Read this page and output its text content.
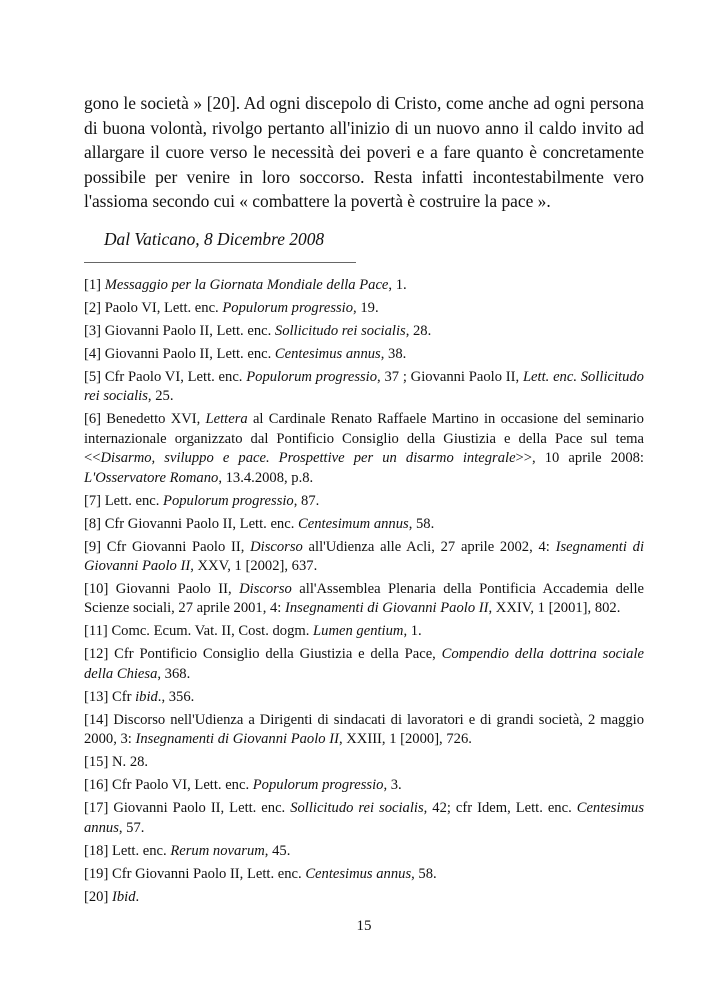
gono le società » [20]. Ad ogni discepolo di Cristo, come anche ad ogni persona di buona volontà, rivolgo pertanto all'inizio di un nuovo anno il caldo invito ad allargare il cuore verso le necessità dei poveri e a fare quanto è concretamente possibile per venire in loro soccorso. Resta infatti incontestabilmente vero l'assioma secondo cui « combattere la povertà è costruire la pace ».

Dal Vaticano, 8 Dicembre 2008

[1] Messaggio per la Giornata Mondiale della Pace, 1.
[2] Paolo VI, Lett. enc. Populorum progressio, 19.
[3] Giovanni Paolo II, Lett. enc. Sollicitudo rei socialis, 28.
[4] Giovanni Paolo II, Lett. enc. Centesimus annus, 38.
[5] Cfr Paolo VI, Lett. enc. Populorum progressio, 37 ; Giovanni Paolo II, Lett. enc. Sollicitudo rei socialis, 25.
[6] Benedetto XVI, Lettera al Cardinale Renato Raffaele Martino in occasione del seminario internazionale organizzato dal Pontificio Consiglio della Giustizia e della Pace sul tema <<Disarmo, sviluppo e pace. Prospettive per un disarmo integrale>>, 10 aprile 2008: L'Osservatore Romano, 13.4.2008, p.8.
[7] Lett. enc. Populorum progressio, 87.
[8] Cfr Giovanni Paolo II, Lett. enc. Centesimum annus, 58.
[9] Cfr Giovanni Paolo II, Discorso all'Udienza alle Acli, 27 aprile 2002, 4: Isegnamenti di Giovanni Paolo II, XXV, 1 [2002], 637.
[10] Giovanni Paolo II, Discorso all'Assemblea Plenaria della Pontificia Accademia delle Scienze sociali, 27 aprile 2001, 4: Insegnamenti di Giovanni Paolo II, XXIV, 1 [2001], 802.
[11] Comc. Ecum. Vat. II, Cost. dogm. Lumen gentium, 1.
[12] Cfr Pontificio Consiglio della Giustizia e della Pace, Compendio della dottrina sociale della Chiesa, 368.
[13] Cfr ibid., 356.
[14] Discorso nell'Udienza a Dirigenti di sindacati di lavoratori e di grandi società, 2 maggio 2000, 3: Insegnamenti di Giovanni Paolo II, XXIII, 1 [2000], 726.
[15] N. 28.
[16] Cfr Paolo VI, Lett. enc. Populorum progressio, 3.
[17] Giovanni Paolo II, Lett. enc. Sollicitudo rei socialis, 42; cfr Idem, Lett. enc. Centesimus annus, 57.
[18] Lett. enc. Rerum novarum, 45.
[19] Cfr Giovanni Paolo II, Lett. enc. Centesimus annus, 58.
[20] Ibid.

15
